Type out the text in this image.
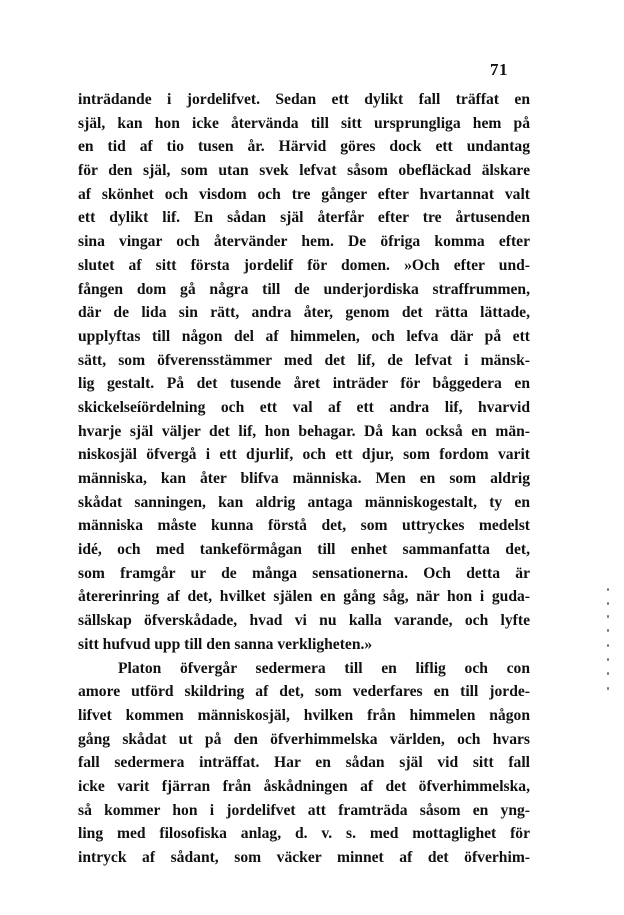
71
inträdande i jordelifvet. Sedan ett dylikt fall träffat en
själ, kan hon icke återvända till sitt ursprungliga hem på
en tid af tio tusen år. Härvid göres dock ett undantag
för den själ, som utan svek lefvat såsom obefläckad älskare
af skönhet och visdom och tre gånger efter hvartannat valt
ett dylikt lif. En sådan själ återfår efter tre årtusenden
sina vingar och återvänder hem. De öfriga komma efter
slutet af sitt första jordelif för domen. »Och efter und-
fången dom gå några till de underjordiska straffrummen,
där de lida sin rätt, andra åter, genom det rätta lättade,
upplyftas till någon del af himmelen, och lefva där på ett
sätt, som öfverensstämmer med det lif, de lefvat i mänsk-
lig gestalt. På det tusende året inträder för båggedera en
skickelseíördelning och ett val af ett andra lif, hvarvid
hvarje själ väljer det lif, hon behagar. Då kan också en män-
niskosjäl öfvergå i ett djurlif, och ett djur, som fordom varit
människa, kan åter blifva människa. Men en som aldrig
skådat sanningen, kan aldrig antaga människogestalt, ty en
människa måste kunna förstå det, som uttryckes medelst
idé, och med tankeförmågan till enhet sammanfatta det,
som framgår ur de många sensationerna. Och detta är
återerinring af det, hvilket själen en gång såg, när hon i guda-
sällskap öfverskådade, hvad vi nu kalla varande, och lyfte
sitt hufvud upp till den sanna verkligheten.»
Platon öfvergår sedermera till en liflig och con
amore utförd skildring af det, som vederfares en till jorde-
lifvet kommen människosjäl, hvilken från himmelen någon
gång skådat ut på den öfverhimmelska världen, och hvars
fall sedermera inträffat. Har en sådan själ vid sitt fall
icke varit fjärran från åskådningen af det öfverhimmelska,
så kommer hon i jordelifvet att framträda såsom en yng-
ling med filosofiska anlag, d. v. s. med mottaglighet för
intryck af sådant, som väcker minnet af det öfverhim-
